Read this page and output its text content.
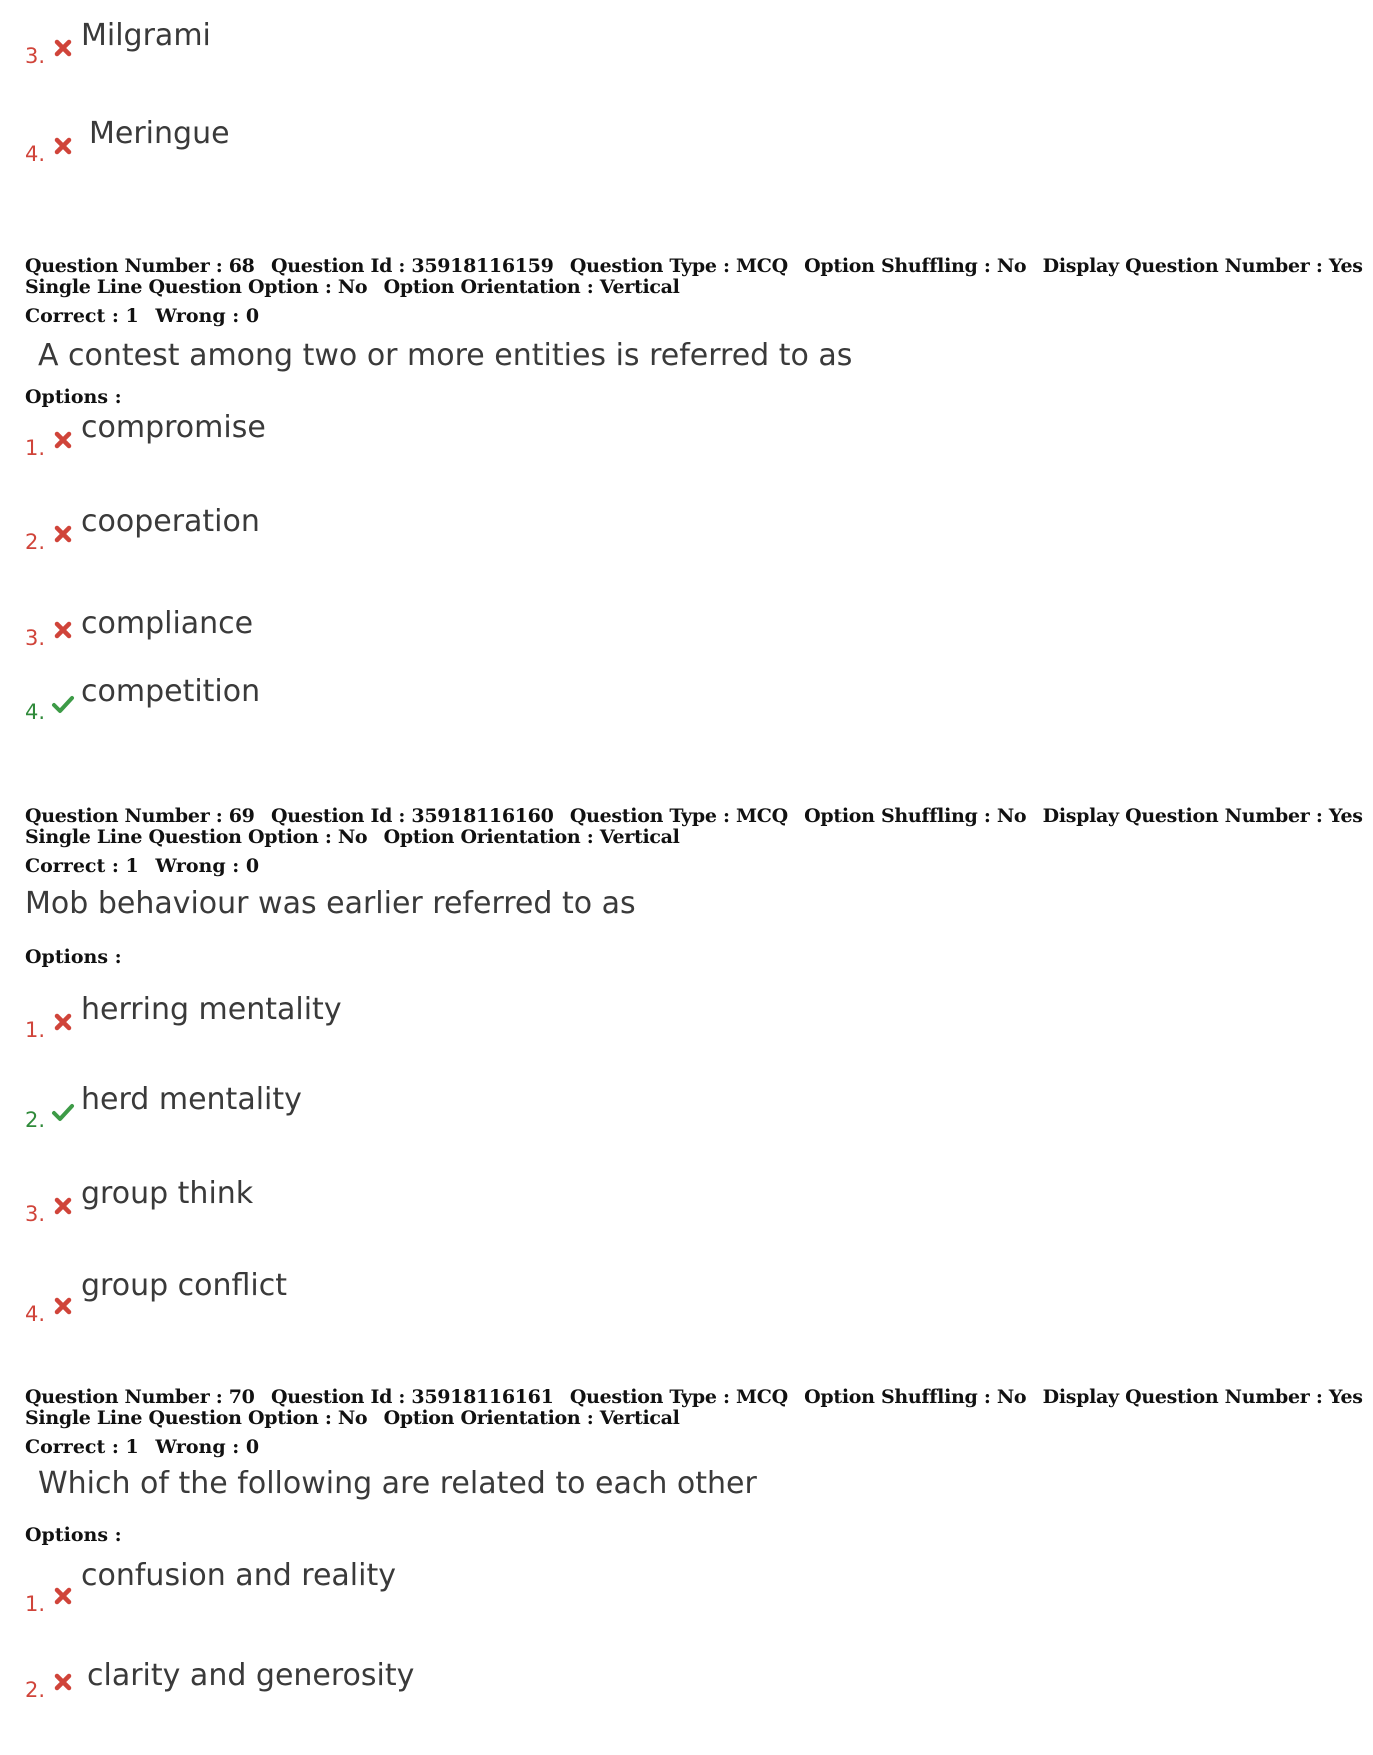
3.
Milgrami
4.
Meringue
Question Number : 68 Question Id : 35918116159 Question Type : MCQ Option Shuffling : No Display Question Number : Yes
Single Line Question Option : No Option Orientation : Vertical
Correct : 1 Wrong : 0
A contest among two or more entities is referred to as
Options :
1.
compromise
2.
cooperation
3. compliance
4.
competition
Question Number : 69 Question Id : 35918116160 Question Type : MCQ Option Shuffling : No Display Question Number : Yes
Single Line Question Option : No Option Orientation : Vertical
Correct : 1 Wrong : 0
Mob behaviour was earlier referred to as
Options :
1.
herring mentality
2.
herd mentality
3.
group think
4.
group conflict
Question Number : 70 Question Id : 35918116161 Question Type : MCQ Option Shuffling : No Display Question Number : Yes
Single Line Question Option : No Option Orientation : Vertical
Correct : 1 Wrong : 0
Which of the following are related to each other
Options :
1.
confusion and reality
2. clarity and generosity
